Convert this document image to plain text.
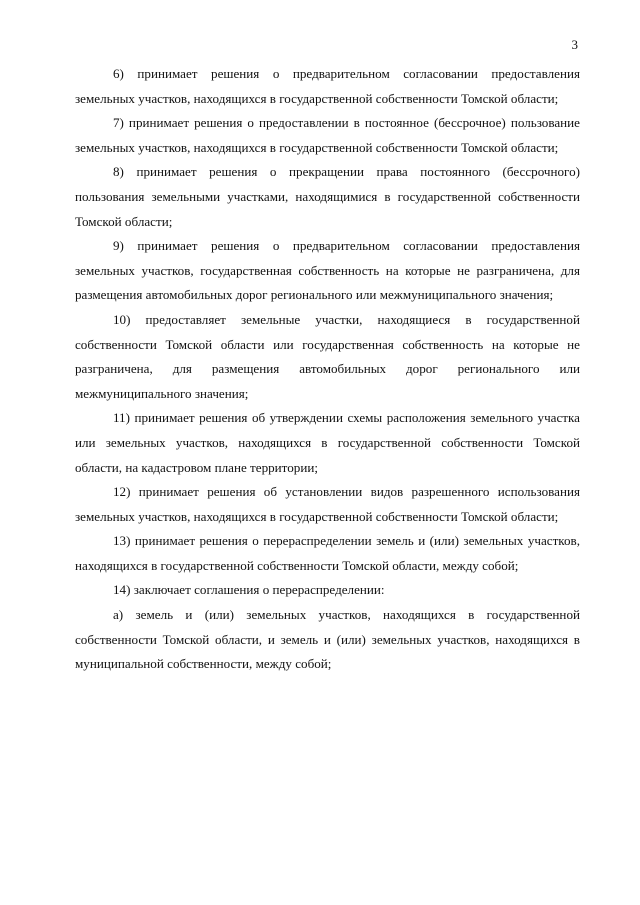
3

6) принимает решения о предварительном согласовании предоставления земельных участков, находящихся в государственной собственности Томской области;

7) принимает решения о предоставлении в постоянное (бессрочное) пользование земельных участков, находящихся в государственной собственности Томской области;

8) принимает решения о прекращении права постоянного (бессрочного) пользования земельными участками, находящимися в государственной собственности Томской области;

9) принимает решения о предварительном согласовании предоставления земельных участков, государственная собственность на которые не разграничена, для размещения автомобильных дорог регионального или межмуниципального значения;

10) предоставляет земельные участки, находящиеся в государственной собственности Томской области или государственная собственность на которые не разграничена, для размещения автомобильных дорог регионального или межмуниципального значения;

11) принимает решения об утверждении схемы расположения земельного участка или земельных участков, находящихся в государственной собственности Томской области, на кадастровом плане территории;

12) принимает решения об установлении видов разрешенного использования земельных участков, находящихся в государственной собственности Томской области;

13) принимает решения о перераспределении земель и (или) земельных участков, находящихся в государственной собственности Томской области, между собой;

14) заключает соглашения о перераспределении:

а) земель и (или) земельных участков, находящихся в государственной собственности Томской области, и земель и (или) земельных участков, находящихся в муниципальной собственности, между собой;
